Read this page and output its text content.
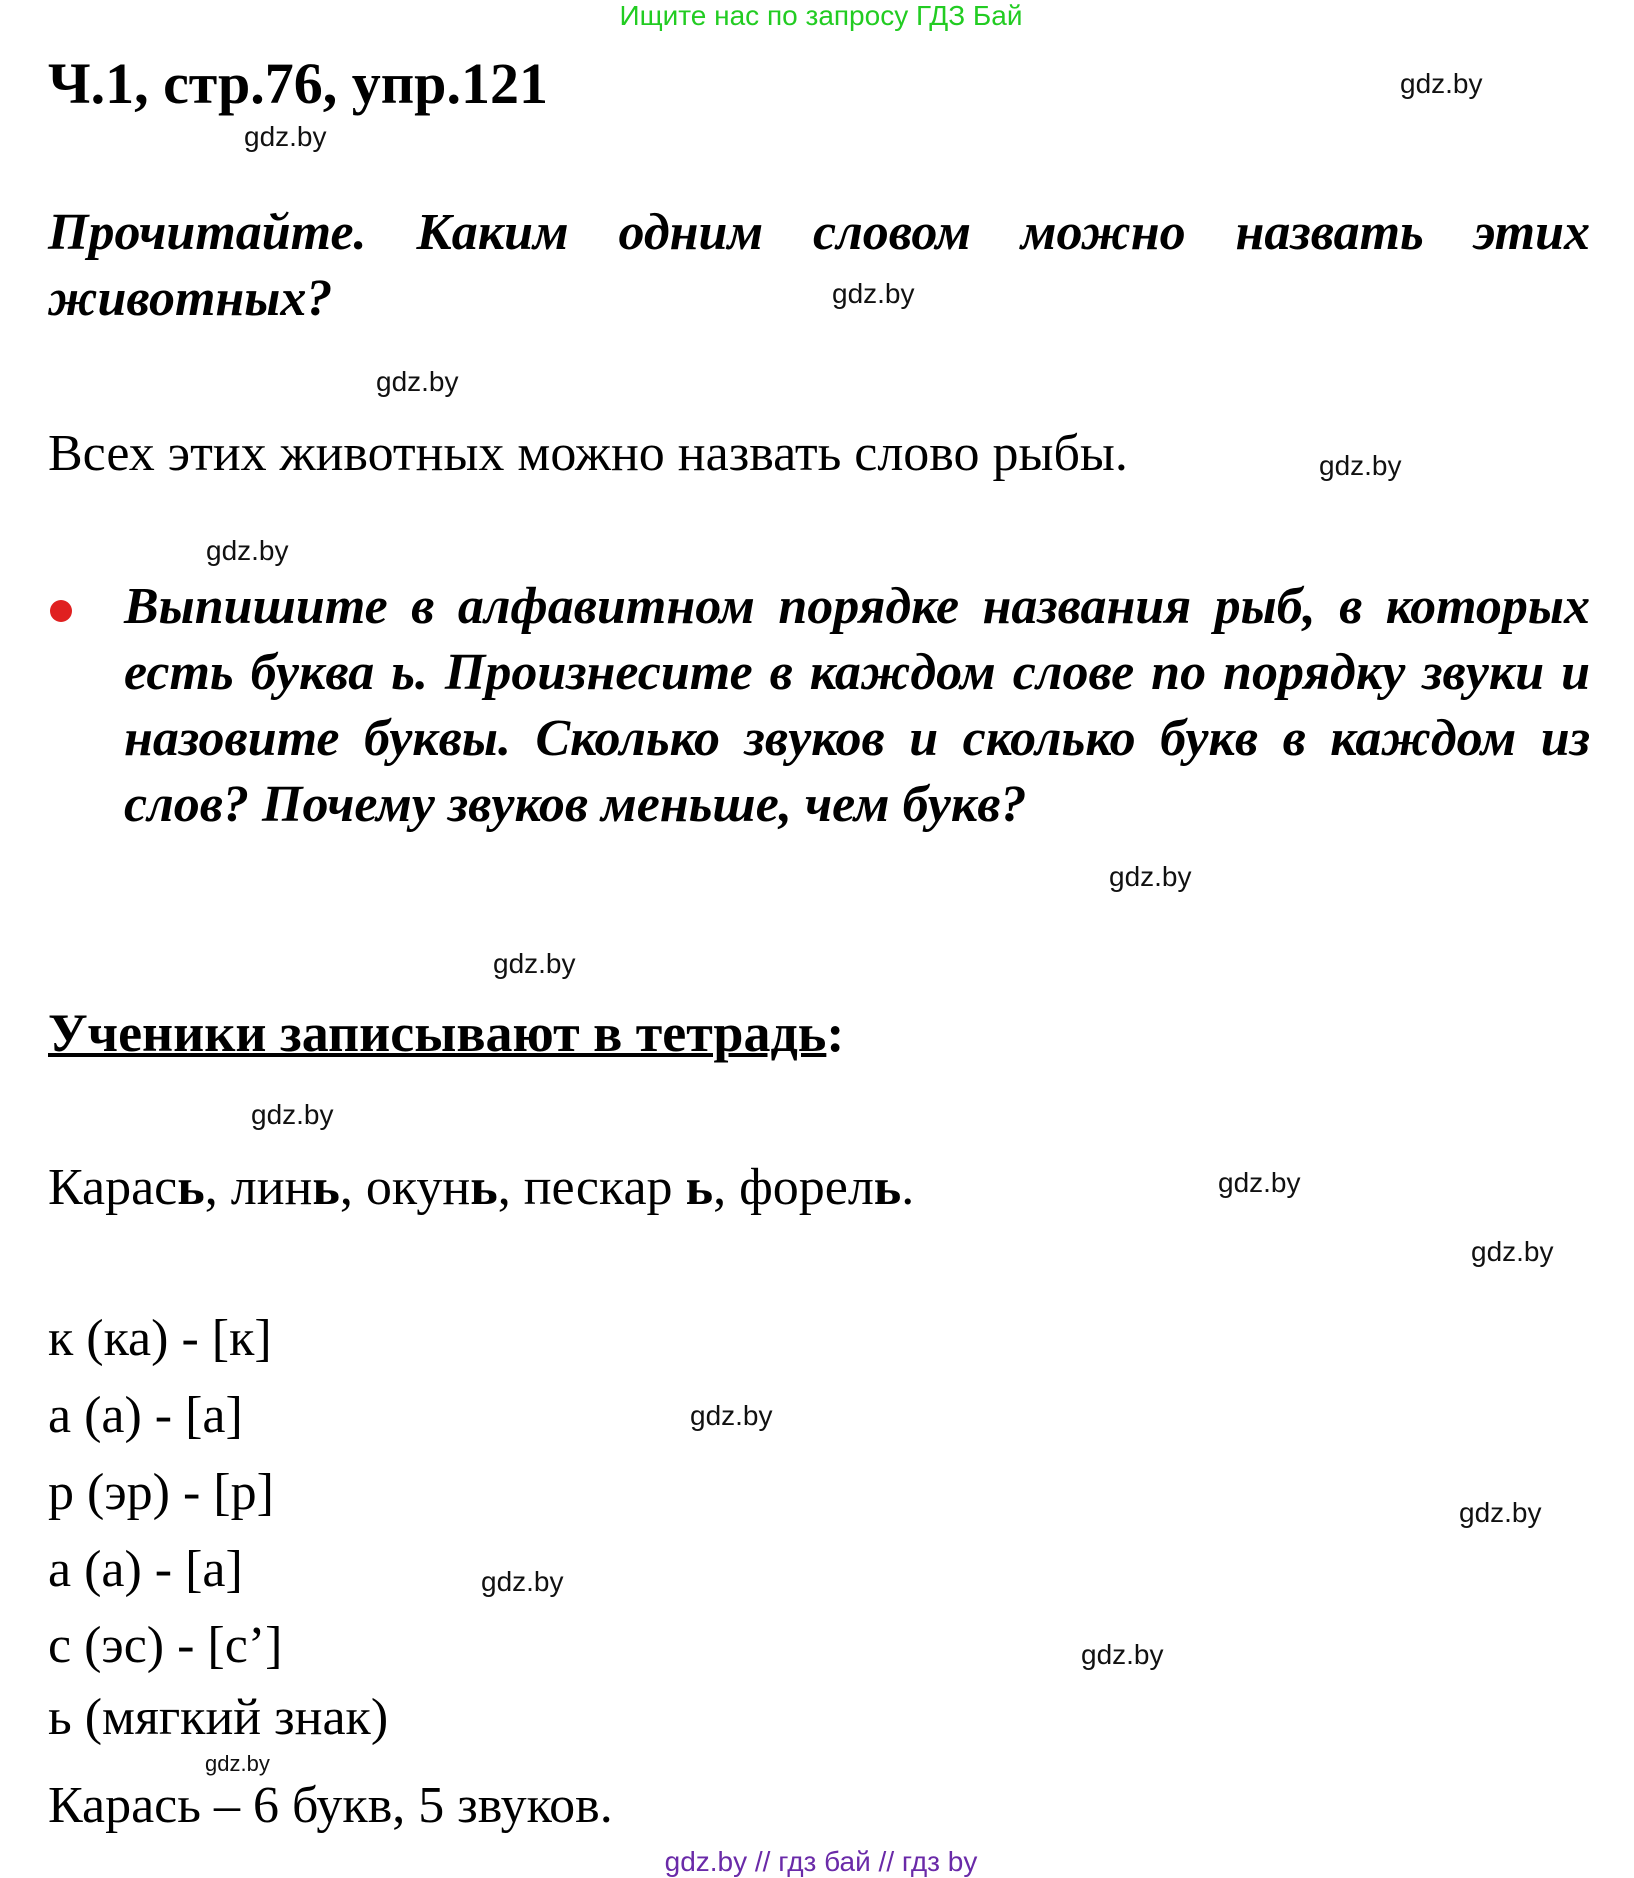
Ищите нас по запросу ГДЗ Бай
Ч.1, стр.76, упр.121
Прочитайте. Каким одним словом можно назвать этих животных?
Всех этих животных можно назвать слово рыбы.
Выпишите в алфавитном порядке названия рыб, в которых есть буква ь. Произнесите в каждом слове по порядку звуки и назовите буквы. Сколько звуков и сколько букв в каждом из слов? Почему звуков меньше, чем букв?
Ученики записывают в тетрадь:
Карась, линь, окунь, пескар ь, форель.
к (ка) - [к]
а (а) - [а]
р (эр) - [р]
а (а) - [а]
с (эс) - [с’]
ь (мягкий знак)
Карась – 6 букв, 5 звуков.
gdz.by
gdz.by
gdz.by
gdz.by
gdz.by
gdz.by
gdz.by
gdz.by
gdz.by
gdz.by
gdz.by
gdz.by
gdz.by
gdz.by
gdz.by
gdz.by
gdz.by // гдз бай // гдз by
